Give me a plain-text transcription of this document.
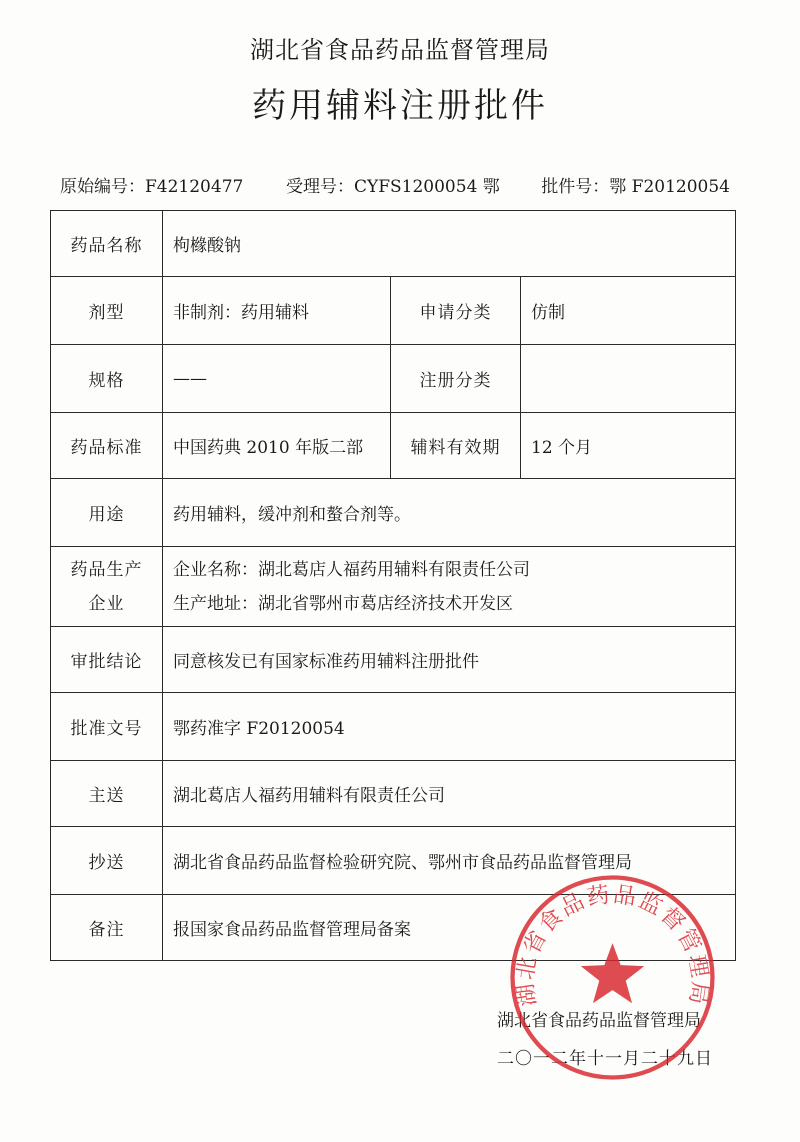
湖北省食品药品监督管理局
药用辅料注册批件
原始编号：F42120477	受理号：CYFS1200054 鄂 批件号：鄂 F20120054
药品名称	枸橼酸钠		
剂型	非制剂：药用辅料	申请分类	仿制
规格	——	注册分类	
药品标准	中国药典 2010 年版二部	辅料有效期	12 个月
用途	药用辅料，缓冲剂和螯合剂等。		

药品生产
企业	企业名称：湖北葛店人福药用辅料有限责任公司
生产地址：湖北省鄂州市葛店经济技术开发区		

审批结论	同意核发已有国家标准药用辅料注册批件		
批准文号	鄂药准字 F20120054		
主送	湖北葛店人福药用辅料有限责任公司		
抄送	湖北省食品药品监督检验研究院、鄂州市食品药品监督管理局		
备注	报国家食品药品监督管理局备案		
湖北省食品药品监督管理局
二〇一二年十一月二十九日
湖北省食品药品监督管理局
